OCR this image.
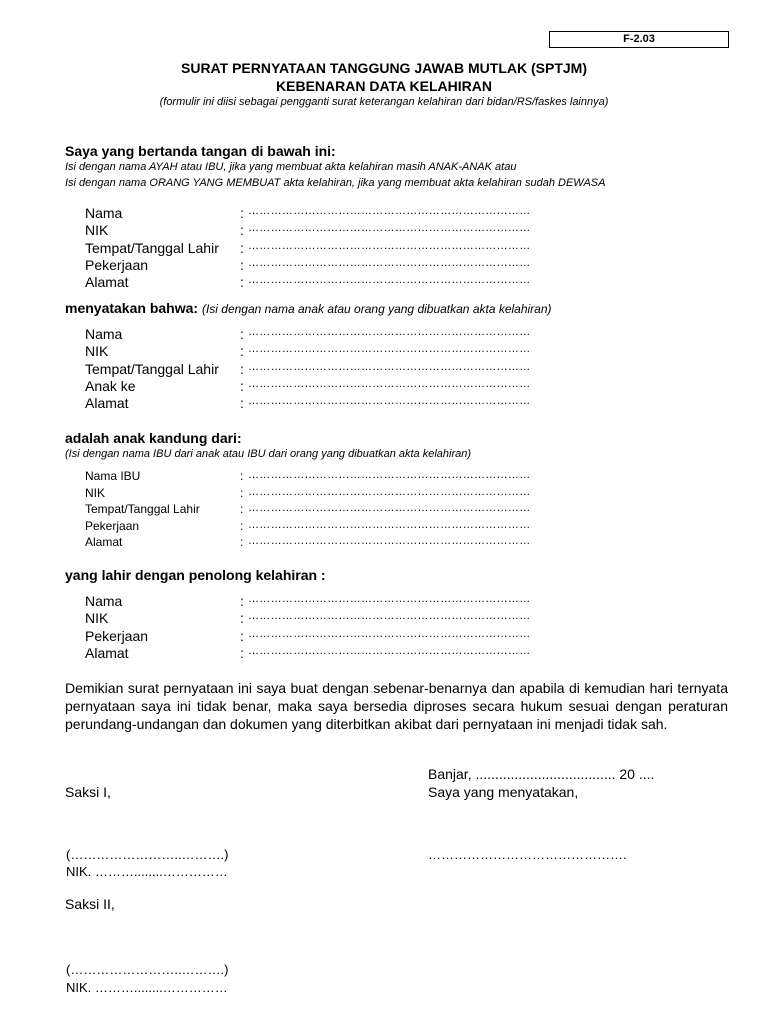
F-2.03
SURAT PERNYATAAN TANGGUNG JAWAB MUTLAK (SPTJM)
KEBENARAN DATA KELAHIRAN
(formulir ini diisi sebagai pengganti surat keterangan kelahiran dari bidan/RS/faskes lainnya)
Saya yang bertanda tangan di bawah ini:
Isi dengan nama AYAH atau IBU, jika yang membuat akta kelahiran masih ANAK-ANAK atau
Isi dengan nama ORANG YANG MEMBUAT akta kelahiran, jika yang membuat akta kelahiran sudah DEWASA
Nama	: …………………………………………………………………
NIK	: …………………………………………………………………
Tempat/Tanggal Lahir : …………………………………………………………………
Pekerjaan	: …………………………………………………………………
Alamat	: …………………………………………………………………
menyatakan bahwa: (Isi dengan nama anak atau orang yang dibuatkan akta kelahiran)
Nama	: …………………………………………………………………
NIK	: …………………………………………………………………
Tempat/Tanggal Lahir : …………………………………………………………………
Anak ke	: …………………………………………………………………
Alamat	: …………………………………………………………………
adalah anak kandung dari:
(Isi dengan nama IBU dari anak atau IBU dari orang yang dibuatkan akta kelahiran)
Nama IBU	: …………………………………………………………………
NIK	: …………………………………………………………………
Tempat/Tanggal Lahir	: …………………………………………………………………
Pekerjaan	: …………………………………………………………………
Alamat	: …………………………………………………………………
yang lahir dengan penolong kelahiran :
Nama	: …………………………………………………………………
NIK	: …………………………………………………………………
Pekerjaan	: …………………………………………………………………
Alamat	: …………………………………………………………………
Demikian surat pernyataan ini saya buat dengan sebenar-benarnya dan apabila di kemudian hari ternyata pernyataan saya ini tidak benar, maka saya bersedia diproses secara hukum sesuai dengan peraturan perundang-undangan dan dokumen yang diterbitkan akibat dari pernyataan ini menjadi tidak sah.
Banjar, .................................... 20 ....
Saya yang menyatakan,
Saksi I,
(……………………..……….)	……………………………………….
NIK. ………........……………
Saksi II,
(……………………..……….)
NIK. ………........……………
